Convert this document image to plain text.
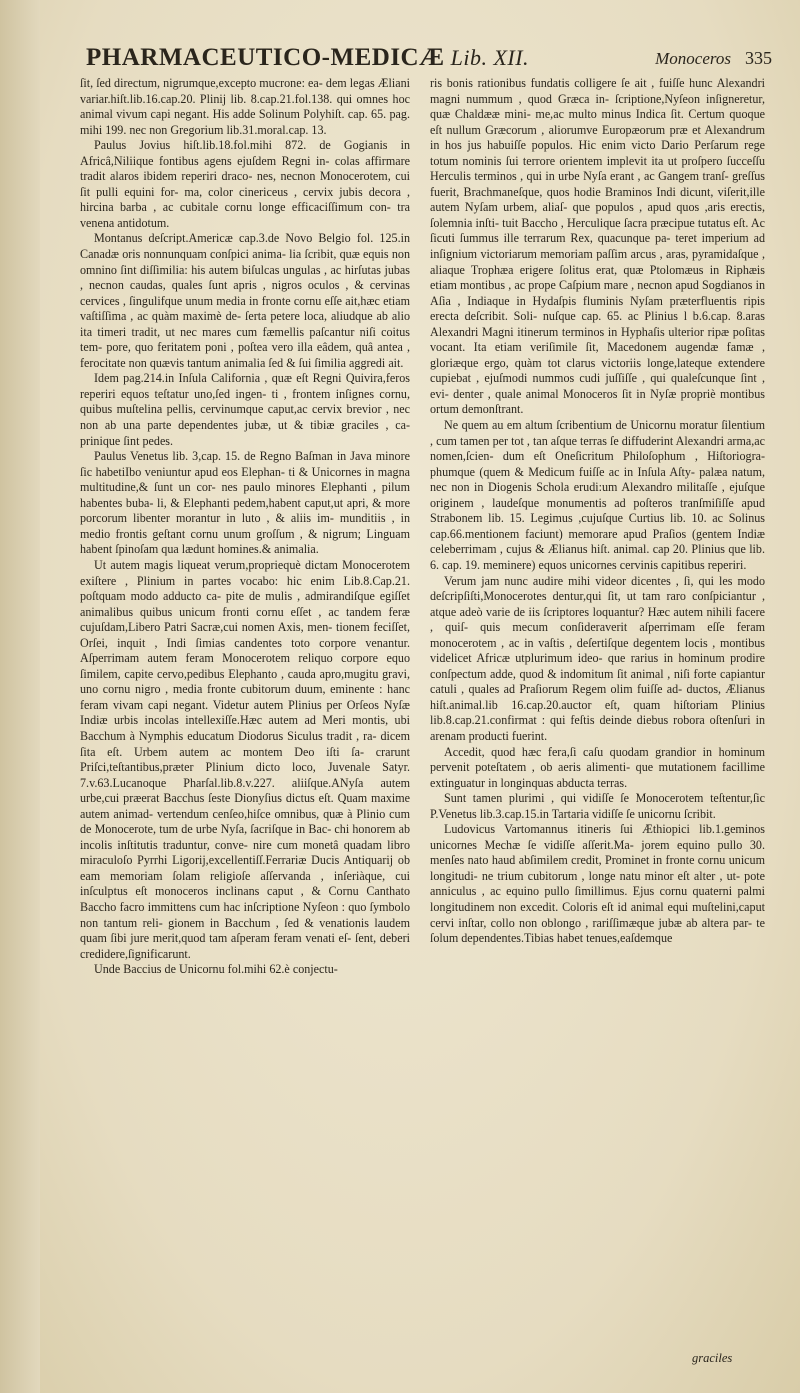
PHARMACEUTICO-MEDICÆ Lib. XII.	Monoceros 335

ſit, ſed directum, nigrumque,excepto mucrone: ea- dem legas Æliani variar.hiſt.lib.16.cap.20. Plinij lib. 8.cap.21.fol.138. qui omnes hoc animal vivum capi negant. His adde Solinum Polyhiſt. cap. 65. pag. mihi 199. nec non Gregorium lib.31.moral.cap. 13.

Paulus Jovius hiſt.lib.18.fol.mihi 872. de Gogianis in Africâ,Niliique fontibus agens ejuſdem Regni in- colas affirmare tradit alaros ibidem reperiri draco- nes, necnon Monocerotem, cui ſit pulli equini for- ma, color cinericeus , cervix jubis decora , hircina barba , ac cubitale cornu longe efficaciſſimum con- tra venena antidotum.

Montanus deſcript.Americæ cap.3.de Novo Belgio fol. 125.in Canadæ oris nonnunquam conſpici anima- lia ſcribit, quæ equis non omnino ſint diſſimilia: his autem biſulcas ungulas , ac hirſutas jubas , necnon caudas, quales ſunt apris , nigros oculos , & cervinas cervices , ſingulifque unum media in fronte cornu eſſe ait,hæc etiam vaſtiſſima , ac quàm maximè de- ſerta petere loca, aliudque ab alio ita timeri tradit, ut nec mares cum fæmellis paſcantur niſi coitus tem- pore, quo feritatem poni , poſtea vero illa eâdem, quâ antea , ferocitate non quævis tantum animalia ſed & ſui ſimilia aggredi ait.

Idem pag.214.in Inſula California , quæ eſt Regni Quivira,feros reperiri equos teſtatur uno,ſed ingen- ti , frontem inſignes cornu, quibus muſtelina pellis, cervinumque caput,ac cervix brevior , nec non ab una parte dependentes jubæ, ut & tibiæ graciles , ca- prinique ſint pedes.

Paulus Venetus lib. 3,cap. 15. de Regno Baſman in Java minore ſic habetiIbo veniuntur apud eos Elephan- ti & Unicornes in magna multitudine,& ſunt un cor- nes paulo minores Elephanti , pilum habentes buba- li, & Elephanti pedem,habent caput,ut apri, & more porcorum libenter morantur in luto , & aliis im- munditiis , in medio frontis geſtant cornu unum groſſum , & nigrum; Linguam habent ſpinoſam qua lædunt homines.& animalia.

Ut autem magis liqueat verum,propriequè dictam Monocerotem exiſtere , Plinium in partes vocabo: hic enim Lib.8.Cap.21. poſtquam modo adducto ca- pite de mulis , admirandiſque egiſſet animalibus quibus unicum fronti cornu eſſet , ac tandem feræ cujuſdam,Libero Patri Sacræ,cui nomen Axis, men- tionem feciſſet, Orſei, inquit , Indi ſimias candentes toto corpore venantur. Aſperrimam autem feram Monocerotem reliquo corpore equo ſimilem, capite cervo,pedibus Elephanto , cauda apro,mugitu gravi, uno cornu nigro , media fronte cubitorum duum, eminente : hanc feram vivam capi negant. Videtur autem Plinius per Orſeos Nyſæ Indiæ urbis incolas intellexiſſe.Hæc autem ad Meri montis, ubi Bacchum à Nymphis educatum Diodorus Siculus tradit , ra- dicem ſita eſt. Urbem autem ac montem Deo iſti ſa- crarunt Priſci,teſtantibus,præter Plinium dicto loco, Juvenale Satyr. 7.v.63.Lucanoque Pharſal.lib.8.v.227. aliiſque.ANyſa autem urbe,cui præerat Bacchus ſeste Dionyſius dictus eſt. Quam maxime autem animad- vertendum cenſeo,hiſce omnibus, quæ à Plinio cum de Monocerote, tum de urbe Nyſa, ſacriſque in Bac- chi honorem ab incolis inſtitutis traduntur, conve- nire cum monetâ quadam libro miraculoſo Pyrrhi Ligorij,excellentiſſ.Ferrariæ Ducis Antiquarij ob eam memoriam ſolam religioſe aſſervanda , inſeriàque, cui inſculptus eſt monoceros inclinans caput , & Cornu Canthato Baccho facro immittens cum hac inſcriptione Nyſeon : quo ſymbolo non tantum reli- gionem in Bacchum , ſed & venationis laudem quam ſibi jure merit,quod tam aſperam feram venati eſ- ſent, deberi credidere,ſignificarunt.

Unde Baccius de Unicornu fol.mihi 62.è conjectu-

ris bonis rationibus fundatis colligere ſe ait , fuiſſe hunc Alexandri magni nummum , quod Græca in- ſcriptione,Nyſeon inſigneretur, quæ Chaldææ mini- me,ac multo minus Indica ſit. Certum quoque eſt nullum Græcorum , aliorumve Europæorum præ et Alexandrum in hos jus habuiſſe populos. Hic enim victo Dario Perſarum rege totum nominis ſui terrore orientem implevit ita ut proſpero ſucceſſu Herculis terminos , qui in urbe Nyſa erant , ac Gangem tranſ- greſſus fuerit, Brachmaneſque, quos hodie Braminos Indi dicunt, viſerit,ille autem Nyſam urbem, aliaſ- que populos , apud quos ,aris erectis, ſolemnia inſti- tuit Baccho , Herculique ſacra præcipue tutatus eſt. Ac ſicuti ſummus ille terrarum Rex, quacunque pa- teret imperium ad inſignium victoriarum memoriam paſſim arcus , aras, pyramidaſque , aliaque Trophæa erigere ſolitus erat, quæ Ptolomæus in Riphæis etiam montibus , ac prope Caſpium mare , necnon apud Sogdianos in Aſia , Indiaque in Hydaſpis fluminis Nyſam præterfluentis ripis erecta deſcribit. Soli- nuſque cap. 65. ac Plinius l b.6.cap. 8.aras Alexandri Magni itinerum terminos in Hyphaſis ulterior ripæ poſitas vocant. Ita etiam veriſimile ſit, Macedonem augendæ famæ , gloriæque ergo, quàm tot clarus victoriis longe,lateque extendere cupiebat , ejuſmodi nummos cudi juſſiſſe , qui qualeſcunque ſint , evi- denter , quale animal Monoceros ſit in Nyſæ propriè montibus ortum demonſtrant.

Ne quem au em altum ſcribentium de Unicornu moratur ſilentium , cum tamen per tot , tan aſque terras ſe diffuderint Alexandri arma,ac nomen,ſcien- dum eſt Oneſicritum Philoſophum , Hiſtoriogra- phumque (quem & Medicum fuiſſe ac in Inſula Aſty- palæa natum, nec non in Diogenis Schola erudi:um Alexandro militaſſe , ejuſque originem , laudeſque monumentis ad poſteros tranſmiſiſſe apud Strabonem lib. 15. Legimus ,cujuſque Curtius lib. 10. ac Solinus cap.66.mentionem faciunt) memorare apud Praſios (gentem Indiæ celeberrimam , cujus & Ælianus hiſt. animal. cap 20. Plinius que lib. 6. cap. 19. meminere) equos unicornes cervinis capitibus reperiri.

Verum jam nunc audire mihi videor dicentes , ſi, qui les modo deſcripſiſti,Monocerotes dentur,qui ſit, ut tam raro conſpiciantur , atque adeò varie de iis ſcriptores loquantur? Hæc autem nihili facere , quiſ- quis mecum conſideraverit aſperrimam eſſe feram monocerotem , ac in vaſtis , deſertiſque degentem locis , montibus videlicet Africæ utplurimum ideo- que rarius in hominum prodire conſpectum adde, quod & indomitum ſit animal , niſi forte capiantur catuli , quales ad Praſiorum Regem olim fuiſſe ad- ductos, Ælianus hiſt.animal.lib 16.cap.20.auctor eſt, quam hiſtoriam Plinius lib.8.cap.21.confirmat : qui feſtis deinde diebus robora oſtenſuri in arenam producti fuerint.

Accedit, quod hæc fera,ſi caſu quodam grandior in hominum pervenit poteſtatem , ob aeris alimenti- que mutationem facillime extinguatur in longinquas abducta terras.

Sunt tamen plurimi , qui vidiſſe ſe Monocerotem teſtentur,ſic P.Venetus lib.3.cap.15.in Tartaria vidiſſe ſe unicornu ſcribit.

Ludovicus Vartomannus itineris ſui Æthiopici lib.1.geminos unicornes Mechæ ſe vidiſſe aſſerit.Ma- jorem equino pullo 30. menſes nato haud abſimilem credit, Prominet in fronte cornu unicum longitudi- ne trium cubitorum , longe natu minor eſt alter , ut- pote anniculus , ac equino pullo ſimillimus. Ejus cornu quaterni palmi longitudinem non excedit. Coloris eſt id animal equi muſtelini,caput cervi inſtar, collo non oblongo , rariſſimæque jubæ ab altera par- te ſolum dependentes.Tibias habet tenues,eaſdemque

graciles
